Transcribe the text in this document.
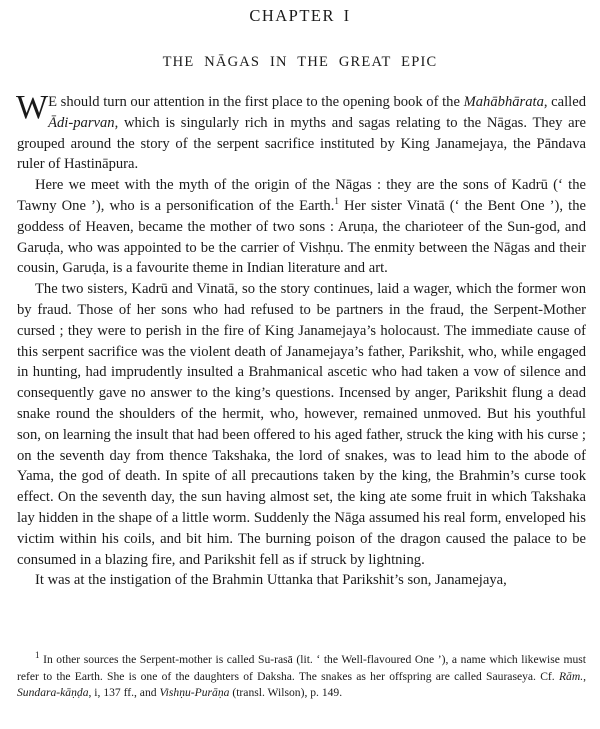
CHAPTER I
THE NĀGAS IN THE GREAT EPIC

W E should turn our attention in the first place to the opening book of the Mahābhārata, called Ādi-parvan, which is singularly rich in myths and sagas relating to the Nāgas. They are grouped around the story of the serpent sacrifice instituted by King Janamejaya, the Pāndava ruler of Hastināpura.

Here we meet with the myth of the origin of the Nāgas : they are the sons of Kadrū (‘ the Tawny One ’), who is a personification of the Earth.$^1$ Her sister Vinatā (‘ the Bent One ’), the goddess of Heaven, became the mother of two sons : Aruṇa, the charioteer of the Sun-god, and Garuḍa, who was appointed to be the carrier of Vishṇu. The enmity between the Nāgas and their cousin, Garuḍa, is a favourite theme in Indian literature and art.

The two sisters, Kadrū and Vinatā, so the story continues, laid a wager, which the former won by fraud. Those of her sons who had refused to be partners in the fraud, the Serpent-Mother cursed ; they were to perish in the fire of King Janamejaya’s holocaust. The immediate cause of this serpent sacrifice was the violent death of Janamejaya’s father, Parikshit, who, while engaged in hunting, had imprudently insulted a Brahmanical ascetic who had taken a vow of silence and consequently gave no answer to the king’s questions. Incensed by anger, Parikshit flung a dead snake round the shoulders of the hermit, who, however, remained unmoved. But his youthful son, on learning the insult that had been offered to his aged father, struck the king with his curse ; on the seventh day from thence Takshaka, the lord of snakes, was to lead him to the abode of Yama, the god of death. In spite of all precautions taken by the king, the Brahmin’s curse took effect. On the seventh day, the sun having almost set, the king ate some fruit in which Takshaka lay hidden in the shape of a little worm. Suddenly the Nāga assumed his real form, enveloped his victim within his coils, and bit him. The burning poison of the dragon caused the palace to be consumed in a blazing fire, and Parikshit fell as if struck by lightning.

It was at the instigation of the Brahmin Uttanka that Parikshit’s son, Janamejaya,

$^1$ In other sources the Serpent-mother is called Su-rasā (lit. ‘ the Well-flavoured One ’), a name which likewise must refer to the Earth. She is one of the daughters of Daksha. The snakes as her offspring are called Sauraseya. Cf. Rām., Sundara-kāṇḍa, i, 137 ff., and Vishṇu-Purāṇa (transl. Wilson), p. 149.
